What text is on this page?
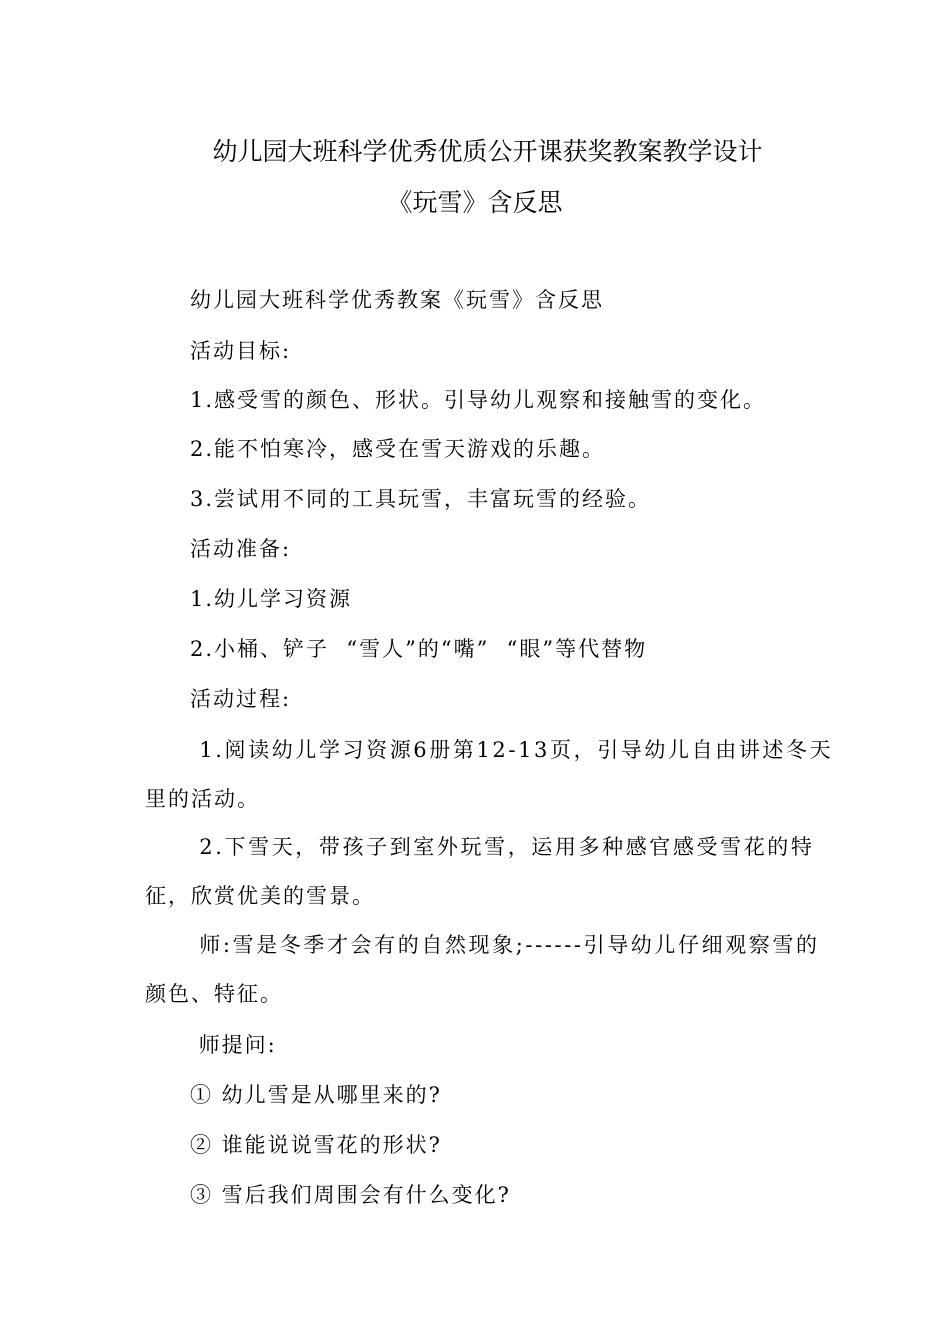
幼儿园大班科学优秀优质公开课获奖教案教学设计
《玩雪》含反思
幼儿园大班科学优秀教案《玩雪》含反思
活动目标:
1.感受雪的颜色、形状。引导幼儿观察和接触雪的变化。
2.能不怕寒冷，感受在雪天游戏的乐趣。
3.尝试用不同的工具玩雪，丰富玩雪的经验。
活动准备:
1.幼儿学习资源
2.小桶、铲子  “雪人”的“嘴”  “眼”等代替物
活动过程:
1.阅读幼儿学习资源6册第12-13页，引导幼儿自由讲述冬天
里的活动。
2.下雪天，带孩子到室外玩雪，运用多种感官感受雪花的特
征，欣赏优美的雪景。
师:雪是冬季才会有的自然现象;------引导幼儿仔细观察雪的
颜色、特征。
师提问:
① 幼儿雪是从哪里来的?
② 谁能说说雪花的形状?
③ 雪后我们周围会有什么变化?
